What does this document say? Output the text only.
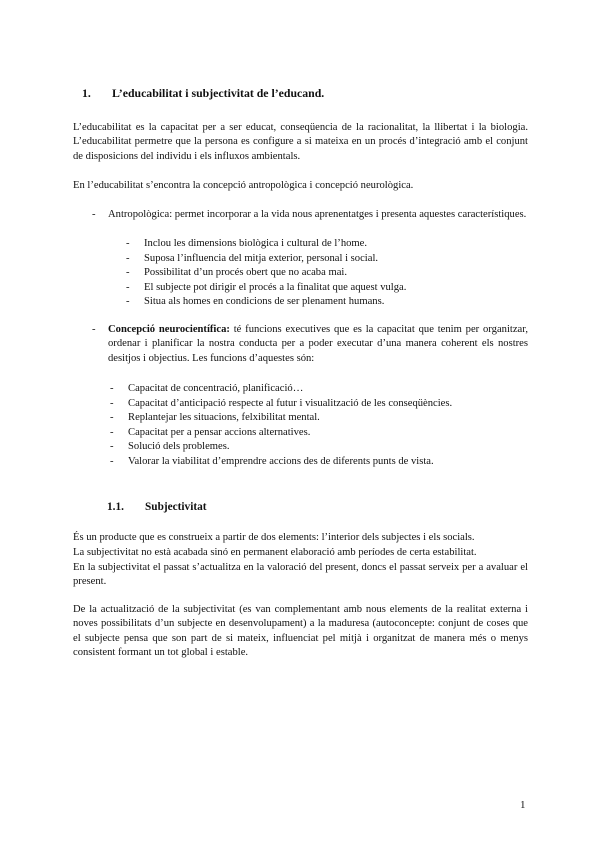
1. L’educabilitat i subjectivitat de l’educand.

L’educabilitat es la capacitat per a ser educat, conseqüencia de la racionalitat, la llibertat i la biologia. L’educabilitat permetre que la persona es configure a si mateixa en un procés d’integració amb el conjunt de disposicions del individu i els influxos ambientals.

En l’educabilitat s’encontra la concepció antropològica i concepció neurològica.

- Antropològica: permet incorporar a la vida nous aprenentatges i presenta aquestes característiques.
- Inclou les dimensions biològica i cultural de l’home.
- Suposa l’influencia del mitja exterior, personal i social.
- Possibilitat d’un procés obert que no acaba mai.
- El subjecte pot dirigir el procés a la finalitat que aquest vulga.
- Situa als homes en condicions de ser plenament humans.
- Concepció neurocientífica: té funcions executives que es la capacitat que tenim per organitzar, ordenar i planificar la nostra conducta per a poder executar d’una manera coherent els nostres desitjos i objectius. Les funcions d’aquestes són:
- Capacitat de concentració, planificació…
- Capacitat d’anticipació respecte al futur i visualització de les conseqüències.
- Replantejar les situacions, felxibilitat mental.
- Capacitat per a pensar accions alternatives.
- Solució dels problemes.
- Valorar la viabilitat d’emprendre accions des de diferents punts de vista.
1.1. Subjectivitat

És un producte que es construeix a partir de dos elements: l’interior dels subjectes i els socials.

La subjectivitat no està acabada sinó en permanent elaboració amb períodes de certa estabilitat.

En la subjectivitat el passat s’actualitza en la valoració del present, doncs el passat serveix per a avaluar el present.

De la actualització de la subjectivitat (es van complementant amb nous elements de la realitat externa i noves possibilitats d’un subjecte en desenvolupament) a la maduresa (autoconcepte: conjunt de coses que el subjecte pensa que son part de si mateix, influenciat pel mitjà i organitzat de manera més o menys consistent formant un tot global i estable.

1
